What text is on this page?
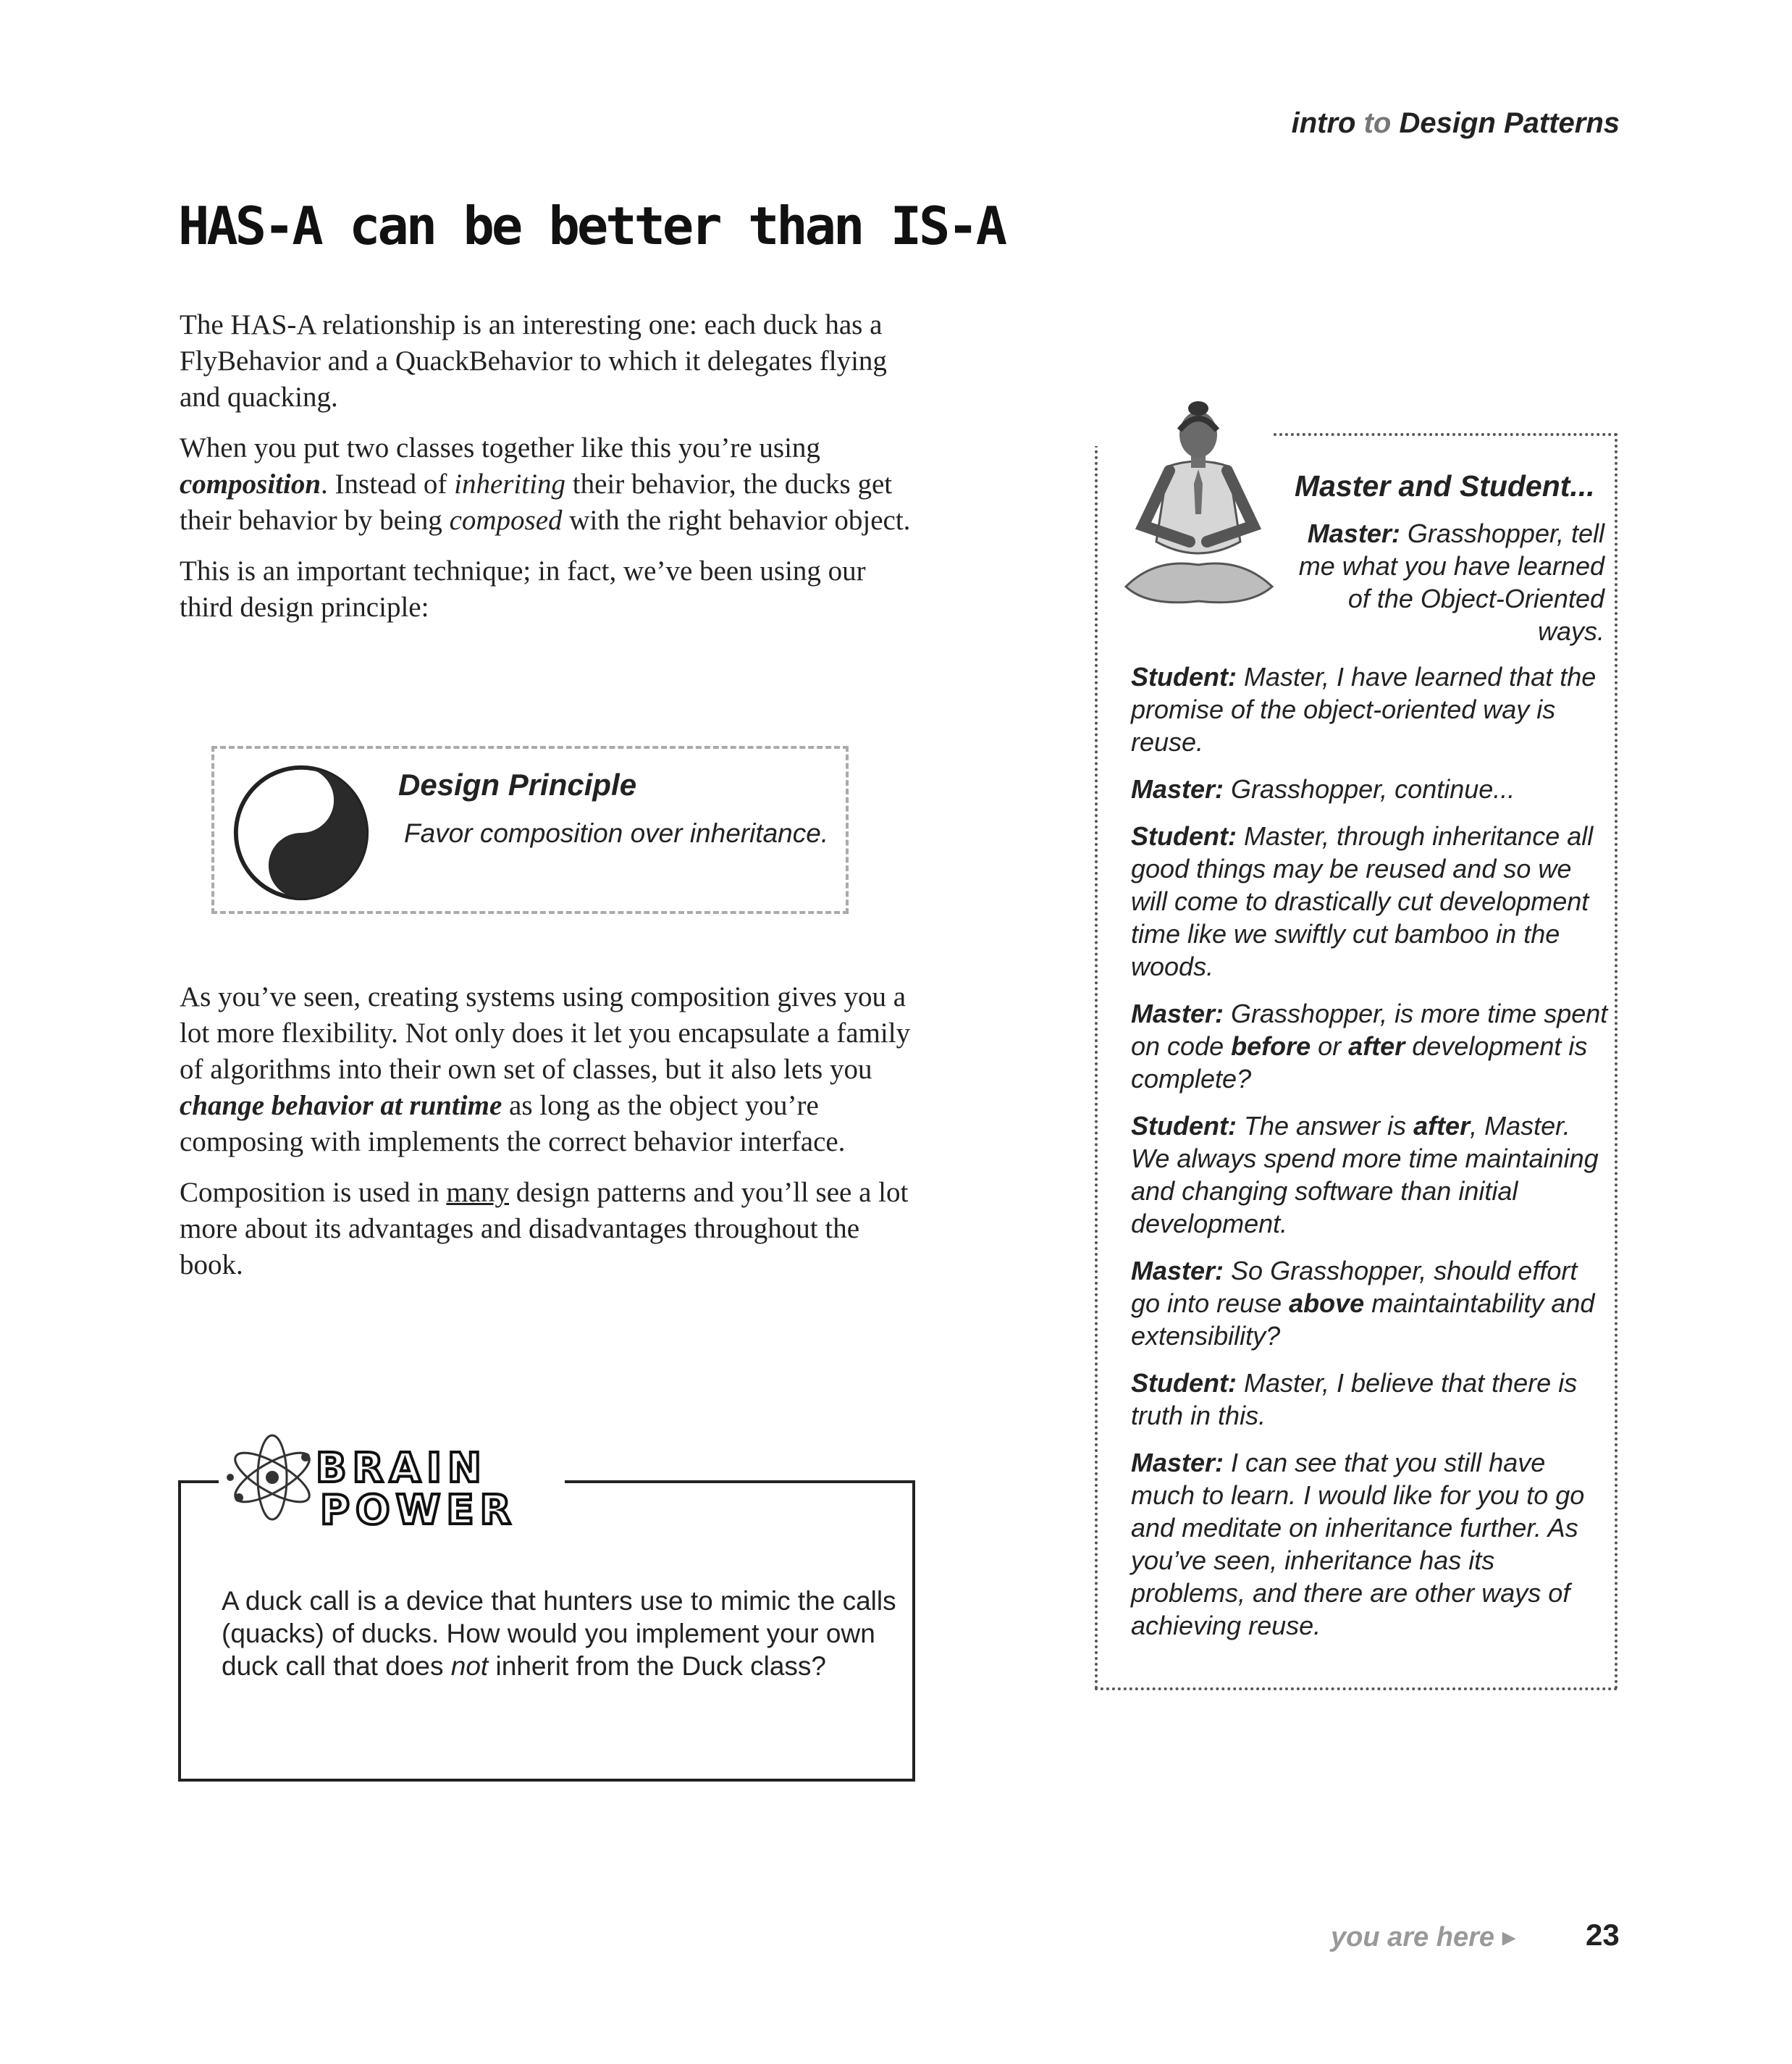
intro to Design Patterns
HAS-A can be better than IS-A

The HAS-A relationship is an interesting one: each duck has a FlyBehavior and a QuackBehavior to which it delegates flying and quacking.

When you put two classes together like this you’re using composition. Instead of inheriting their behavior, the ducks get their behavior by being composed with the right behavior object.

This is an important technique; in fact, we’ve been using our third design principle:

Design Principle
Favor composition over inheritance.

As you’ve seen, creating systems using composition gives you a lot more flexibility. Not only does it let you encapsulate a family of algorithms into their own set of classes, but it also lets you change behavior at runtime as long as the object you’re composing with implements the correct behavior interface.

Composition is used in many design patterns and you’ll see a lot more about its advantages and disadvantages throughout the book.

BRAIN
POWER
A duck call is a device that hunters use to mimic the calls (quacks) of ducks. How would you implement your own duck call that does not inherit from the Duck class?
Master and Student...
Master: Grasshopper, tell me what you have learned of the Object-Oriented ways.

Student: Master, I have learned that the promise of the object-oriented way is reuse.

Master: Grasshopper, continue...

Student: Master, through inheritance all good things may be reused and so we will come to drastically cut development time like we swiftly cut bamboo in the woods.

Master: Grasshopper, is more time spent on code before or after development is complete?

Student: The answer is after, Master. We always spend more time maintaining and changing software than initial development.

Master: So Grasshopper, should effort go into reuse above maintaintability and extensibility?

Student: Master, I believe that there is truth in this.

Master: I can see that you still have much to learn. I would like for you to go and meditate on inheritance further. As you’ve seen, inheritance has its problems, and there are other ways of achieving reuse.

you are here ▸ 23
